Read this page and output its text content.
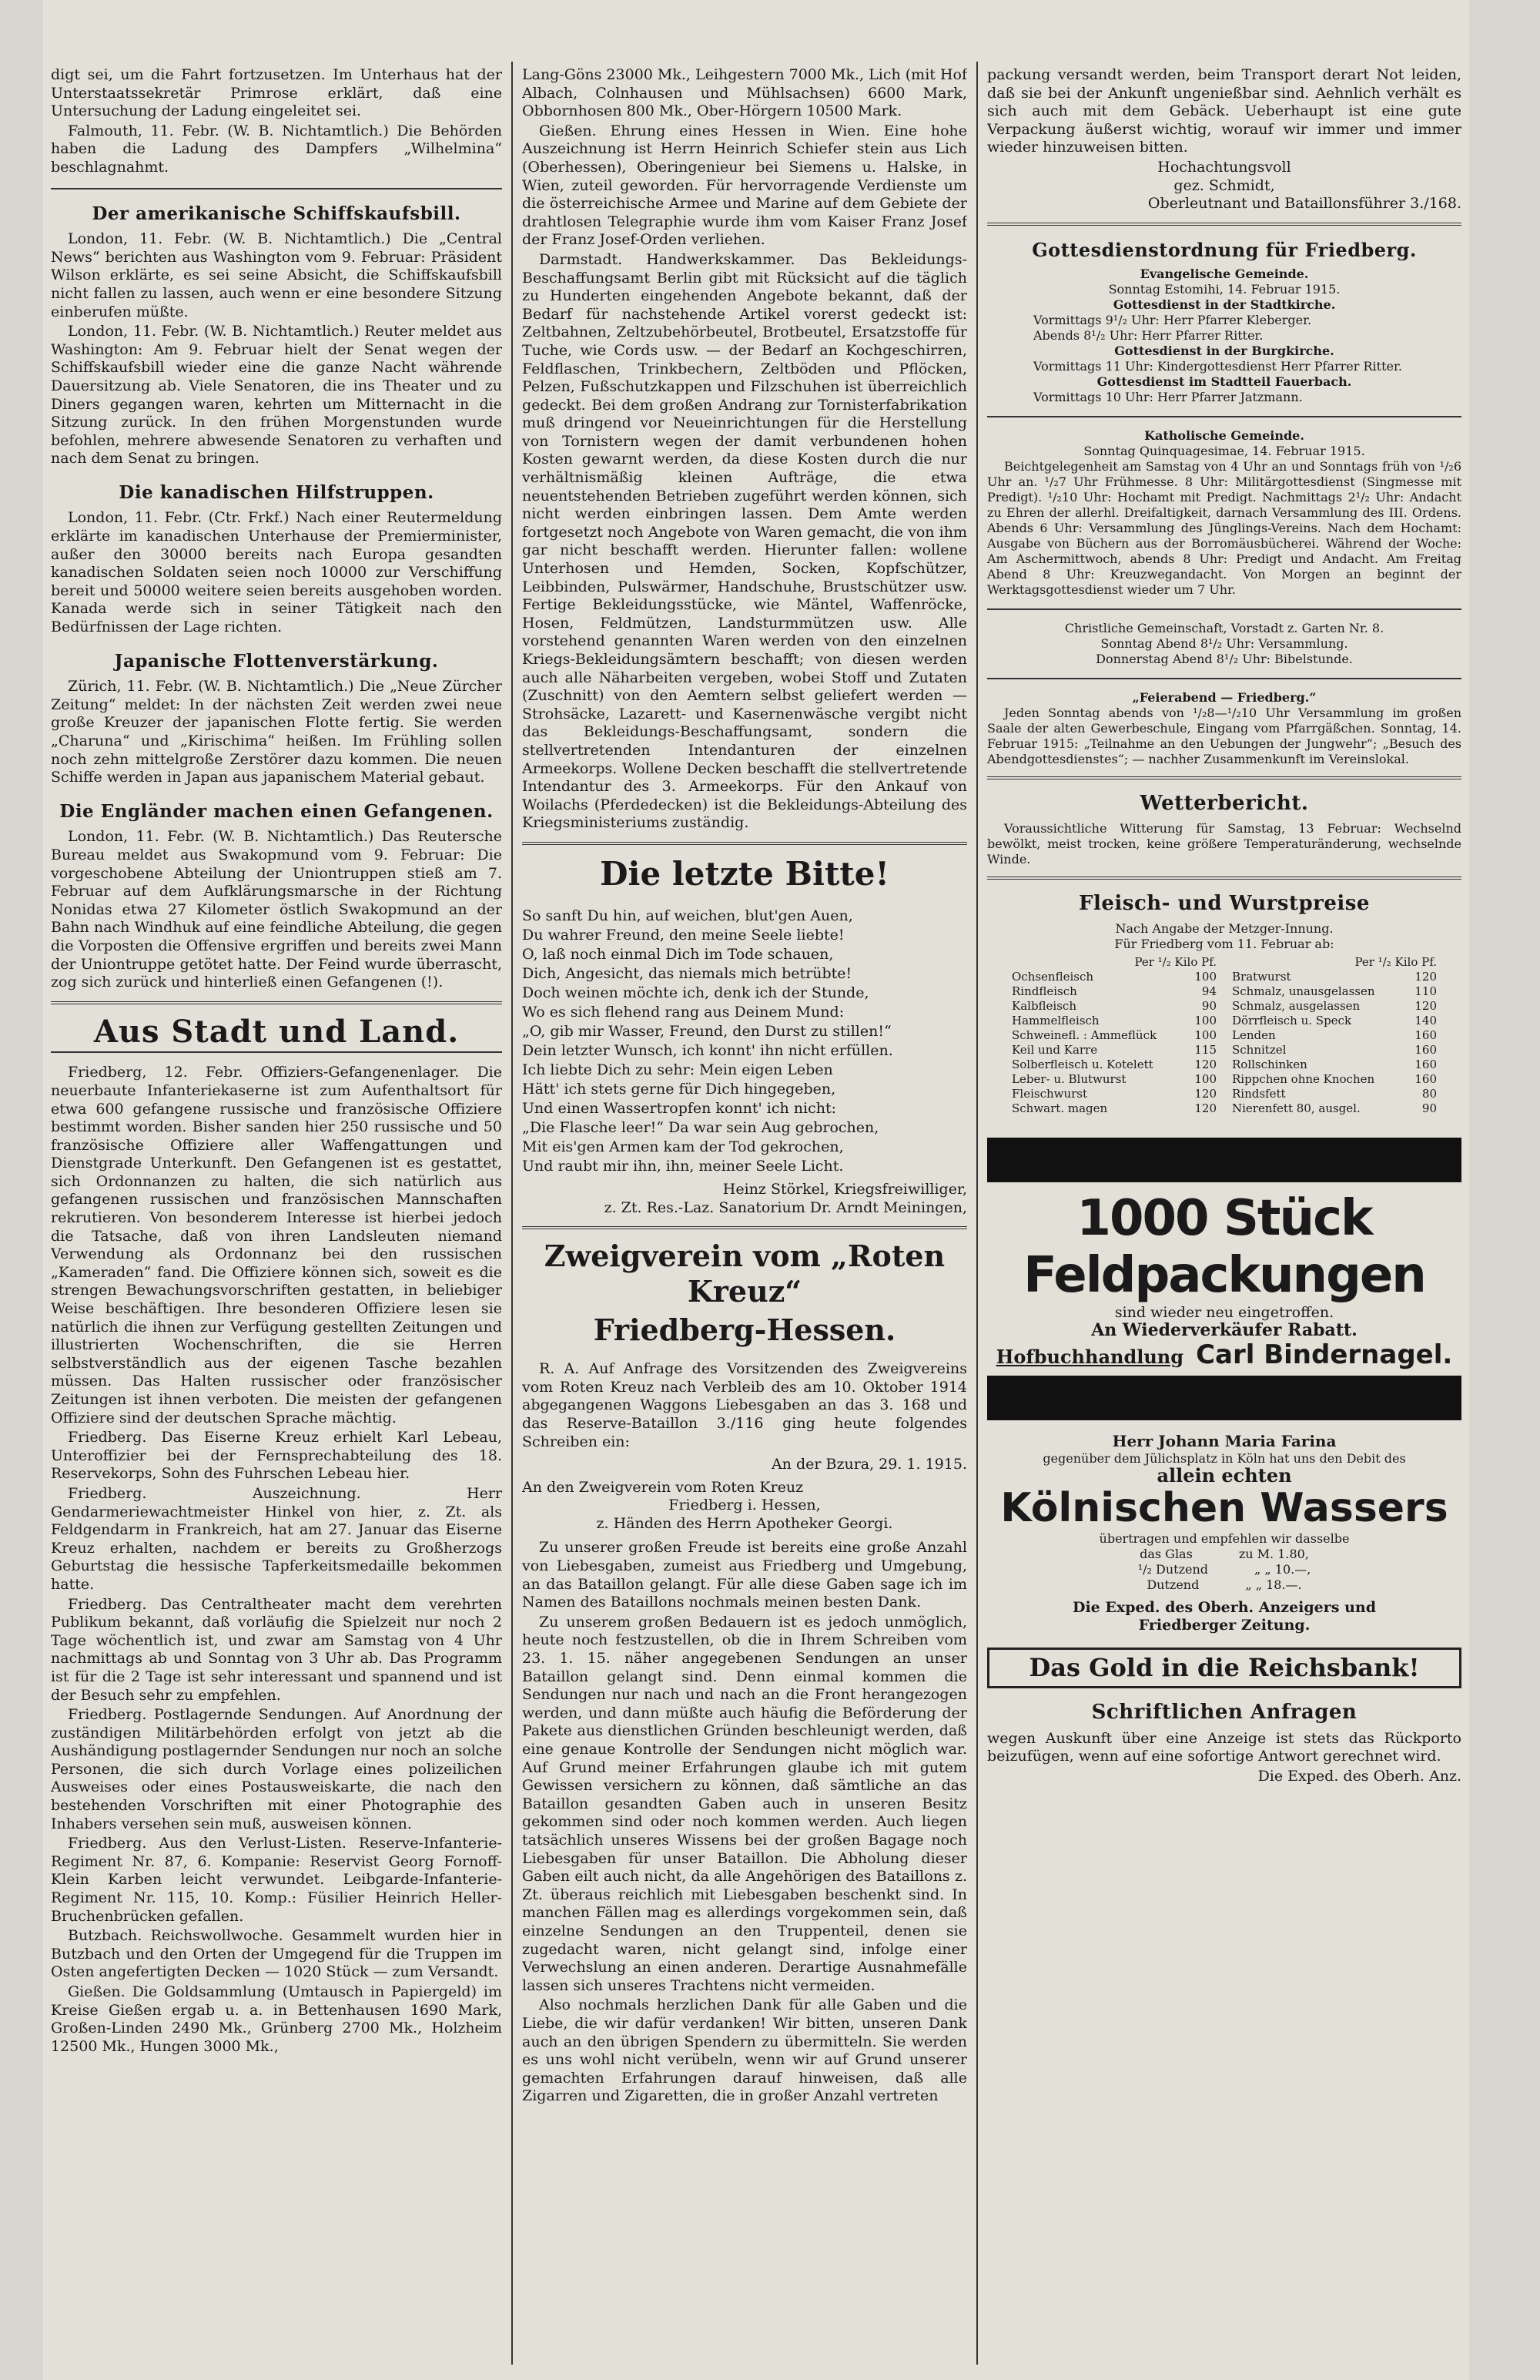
digt sei, um die Fahrt fortzusetzen. Im Unterhaus hat der Unterstaatssekretär Primrose erklärt, daß eine Untersuchung der Ladung eingeleitet sei.

Falmouth, 11. Febr. (W. B. Nichtamtlich.) Die Behörden haben die Ladung des Dampfers „Wilhelmina“ beschlagnahmt.

Der amerikanische Schiffskaufsbill.

London, 11. Febr. (W. B. Nichtamtlich.) Die „Central News“ berichten aus Washington vom 9. Februar: Präsident Wilson erklärte, es sei seine Absicht, die Schiffskaufsbill nicht fallen zu lassen, auch wenn er eine besondere Sitzung einberufen müßte.

London, 11. Febr. (W. B. Nichtamtlich.) Reuter meldet aus Washington: Am 9. Februar hielt der Senat wegen der Schiffskaufsbill wieder eine die ganze Nacht währende Dauersitzung ab. Viele Senatoren, die ins Theater und zu Diners gegangen waren, kehrten um Mitternacht in die Sitzung zurück. In den frühen Morgenstunden wurde befohlen, mehrere abwesende Senatoren zu verhaften und nach dem Senat zu bringen.

Die kanadischen Hilfstruppen.

London, 11. Febr. (Ctr. Frkf.) Nach einer Reutermeldung erklärte im kanadischen Unterhause der Premierminister, außer den 30000 bereits nach Europa gesandten kanadischen Soldaten seien noch 10000 zur Verschiffung bereit und 50000 weitere seien bereits ausgehoben worden. Kanada werde sich in seiner Tätigkeit nach den Bedürfnissen der Lage richten.

Japanische Flottenverstärkung.

Zürich, 11. Febr. (W. B. Nichtamtlich.) Die „Neue Zürcher Zeitung“ meldet: In der nächsten Zeit werden zwei neue große Kreuzer der japanischen Flotte fertig. Sie werden „Charuna“ und „Kirischima“ heißen. Im Frühling sollen noch zehn mittelgroße Zerstörer dazu kommen. Die neuen Schiffe werden in Japan aus japanischem Material gebaut.

Die Engländer machen einen Gefangenen.

London, 11. Febr. (W. B. Nichtamtlich.) Das Reutersche Bureau meldet aus Swakopmund vom 9. Februar: Die vorgeschobene Abteilung der Uniontruppen stieß am 7. Februar auf dem Aufklärungsmarsche in der Richtung Nonidas etwa 27 Kilometer östlich Swakopmund an der Bahn nach Windhuk auf eine feindliche Abteilung, die gegen die Vorposten die Offensive ergriffen und bereits zwei Mann der Uniontruppe getötet hatte. Der Feind wurde überrascht, zog sich zurück und hinterließ einen Gefangenen (!).

Aus Stadt und Land.

Friedberg, 12. Febr. Offiziers-Gefangenenlager. Die neuerbaute Infanteriekaserne ist zum Aufenthaltsort für etwa 600 gefangene russische und französische Offiziere bestimmt worden. Bisher sanden hier 250 russische und 50 französische Offiziere aller Waffengattungen und Dienstgrade Unterkunft. Den Gefangenen ist es gestattet, sich Ordonnanzen zu halten, die sich natürlich aus gefangenen russischen und französischen Mannschaften rekrutieren. Von besonderem Interesse ist hierbei jedoch die Tatsache, daß von ihren Landsleuten niemand Verwendung als Ordonnanz bei den russischen „Kameraden“ fand. Die Offiziere können sich, soweit es die strengen Bewachungsvorschriften gestatten, in beliebiger Weise beschäftigen. Ihre besonderen Offiziere lesen sie natürlich die ihnen zur Verfügung gestellten Zeitungen und illustrierten Wochenschriften, die sie Herren selbstverständlich aus der eigenen Tasche bezahlen müssen. Das Halten russischer oder französischer Zeitungen ist ihnen verboten. Die meisten der gefangenen Offiziere sind der deutschen Sprache mächtig.

Friedberg. Das Eiserne Kreuz erhielt Karl Lebeau, Unteroffizier bei der Fernsprechabteilung des 18. Reservekorps, Sohn des Fuhrschen Lebeau hier.

Friedberg. Auszeichnung. Herr Gendarmeriewachtmeister Hinkel von hier, z. Zt. als Feldgendarm in Frankreich, hat am 27. Januar das Eiserne Kreuz erhalten, nachdem er bereits zu Großherzogs Geburtstag die hessische Tapferkeitsmedaille bekommen hatte.

Friedberg. Das Centraltheater macht dem verehrten Publikum bekannt, daß vorläufig die Spielzeit nur noch 2 Tage wöchentlich ist, und zwar am Samstag von 4 Uhr nachmittags ab und Sonntag von 3 Uhr ab. Das Programm ist für die 2 Tage ist sehr interessant und spannend und ist der Besuch sehr zu empfehlen.

Friedberg. Postlagernde Sendungen. Auf Anordnung der zuständigen Militärbehörden erfolgt von jetzt ab die Aushändigung postlagernder Sendungen nur noch an solche Personen, die sich durch Vorlage eines polizeilichen Ausweises oder eines Postausweiskarte, die nach den bestehenden Vorschriften mit einer Photographie des Inhabers versehen sein muß, ausweisen können.

Friedberg. Aus den Verlust-Listen. Reserve-Infanterie-Regiment Nr. 87, 6. Kompanie: Reservist Georg Fornoff-Klein Karben leicht verwundet. Leibgarde-Infanterie-Regiment Nr. 115, 10. Komp.: Füsilier Heinrich Heller-Bruchenbrücken gefallen.

Butzbach. Reichswollwoche. Gesammelt wurden hier in Butzbach und den Orten der Umgegend für die Truppen im Osten angefertigten Decken — 1020 Stück — zum Versandt.

Gießen. Die Goldsammlung (Umtausch in Papiergeld) im Kreise Gießen ergab u. a. in Bettenhausen 1690 Mark, Großen-Linden 2490 Mk., Grünberg 2700 Mk., Holzheim 12500 Mk., Hungen 3000 Mk.,

Lang-Göns 23000 Mk., Leihgestern 7000 Mk., Lich (mit Hof Albach, Colnhausen und Mühlsachsen) 6600 Mark, Obbornhosen 800 Mk., Ober-Hörgern 10500 Mark.

Gießen. Ehrung eines Hessen in Wien. Eine hohe Auszeichnung ist Herrn Heinrich Schiefer stein aus Lich (Oberhessen), Oberingenieur bei Siemens u. Halske, in Wien, zuteil geworden. Für hervorragende Verdienste um die österreichische Armee und Marine auf dem Gebiete der drahtlosen Telegraphie wurde ihm vom Kaiser Franz Josef der Franz Josef-Orden verliehen.

Darmstadt. Handwerkskammer. Das Bekleidungs-Beschaffungsamt Berlin gibt mit Rücksicht auf die täglich zu Hunderten eingehenden Angebote bekannt, daß der Bedarf für nachstehende Artikel vorerst gedeckt ist: Zeltbahnen, Zeltzubehörbeutel, Brotbeutel, Ersatzstoffe für Tuche, wie Cords usw. — der Bedarf an Kochgeschirren, Feldflaschen, Trinkbechern, Zeltböden und Pflöcken, Pelzen, Fußschutzkappen und Filzschuhen ist überreichlich gedeckt. Bei dem großen Andrang zur Tornisterfabrikation muß dringend vor Neueinrichtungen für die Herstellung von Tornistern wegen der damit verbundenen hohen Kosten gewarnt werden, da diese Kosten durch die nur verhältnismäßig kleinen Aufträge, die etwa neuentstehenden Betrieben zugeführt werden können, sich nicht werden einbringen lassen. Dem Amte werden fortgesetzt noch Angebote von Waren gemacht, die von ihm gar nicht beschafft werden. Hierunter fallen: wollene Unterhosen und Hemden, Socken, Kopfschützer, Leibbinden, Pulswärmer, Handschuhe, Brustschützer usw. Fertige Bekleidungsstücke, wie Mäntel, Waffenröcke, Hosen, Feldmützen, Landsturmmützen usw. Alle vorstehend genannten Waren werden von den einzelnen Kriegs-Bekleidungsämtern beschafft; von diesen werden auch alle Näharbeiten vergeben, wobei Stoff und Zutaten (Zuschnitt) von den Aemtern selbst geliefert werden — Strohsäcke, Lazarett- und Kasernenwäsche vergibt nicht das Bekleidungs-Beschaffungsamt, sondern die stellvertretenden Intendanturen der einzelnen Armeekorps. Wollene Decken beschafft die stellvertretende Intendantur des 3. Armeekorps. Für den Ankauf von Woilachs (Pferdedecken) ist die Bekleidungs-Abteilung des Kriegsministeriums zuständig.

Die letzte Bitte!
So sanft Du hin, auf weichen, blut'gen Auen,
Du wahrer Freund, den meine Seele liebte!
O, laß noch einmal Dich im Tode schauen,
Dich, Angesicht, das niemals mich betrübte!
Doch weinen möchte ich, denk ich der Stunde,
Wo es sich flehend rang aus Deinem Mund:
„O, gib mir Wasser, Freund, den Durst zu stillen!“
Dein letzter Wunsch, ich konnt' ihn nicht erfüllen.
Ich liebte Dich zu sehr: Mein eigen Leben
Hätt' ich stets gerne für Dich hingegeben,
Und einen Wassertropfen konnt' ich nicht:
„Die Flasche leer!“ Da war sein Aug gebrochen,
Mit eis'gen Armen kam der Tod gekrochen,
Und raubt mir ihn, ihn, meiner Seele Licht.
Heinz Störkel, Kriegsfreiwilliger,
z. Zt. Res.-Laz. Sanatorium Dr. Arndt Meiningen,
Zweigverein vom „Roten Kreuz“
Friedberg-Hessen.

R. A. Auf Anfrage des Vorsitzenden des Zweigvereins vom Roten Kreuz nach Verbleib des am 10. Oktober 1914 abgegangenen Waggons Liebesgaben an das 3. 168 und das Reserve-Bataillon 3./116 ging heute folgendes Schreiben ein:

An der Bzura, 29. 1. 1915.
An den Zweigverein vom Roten Kreuz
Friedberg i. Hessen,
z. Händen des Herrn Apotheker Georgi.

Zu unserer großen Freude ist bereits eine große Anzahl von Liebesgaben, zumeist aus Friedberg und Umgebung, an das Bataillon gelangt. Für alle diese Gaben sage ich im Namen des Bataillons nochmals meinen besten Dank.

Zu unserem großen Bedauern ist es jedoch unmöglich, heute noch festzustellen, ob die in Ihrem Schreiben vom 23. 1. 15. näher angegebenen Sendungen an unser Bataillon gelangt sind. Denn einmal kommen die Sendungen nur nach und nach an die Front herangezogen werden, und dann müßte auch häufig die Beförderung der Pakete aus dienstlichen Gründen beschleunigt werden, daß eine genaue Kontrolle der Sendungen nicht möglich war. Auf Grund meiner Erfahrungen glaube ich mit gutem Gewissen versichern zu können, daß sämtliche an das Bataillon gesandten Gaben auch in unseren Besitz gekommen sind oder noch kommen werden. Auch liegen tatsächlich unseres Wissens bei der großen Bagage noch Liebesgaben für unser Bataillon. Die Abholung dieser Gaben eilt auch nicht, da alle Angehörigen des Bataillons z. Zt. überaus reichlich mit Liebesgaben beschenkt sind. In manchen Fällen mag es allerdings vorgekommen sein, daß einzelne Sendungen an den Truppenteil, denen sie zugedacht waren, nicht gelangt sind, infolge einer Verwechslung an einen anderen. Derartige Ausnahmefälle lassen sich unseres Trachtens nicht vermeiden.

Also nochmals herzlichen Dank für alle Gaben und die Liebe, die wir dafür verdanken! Wir bitten, unseren Dank auch an den übrigen Spendern zu übermitteln. Sie werden es uns wohl nicht verübeln, wenn wir auf Grund unserer gemachten Erfahrungen darauf hinweisen, daß alle Zigarren und Zigaretten, die in großer Anzahl vertreten

packung versandt werden, beim Transport derart Not leiden, daß sie bei der Ankunft ungenießbar sind. Aehnlich verhält es sich auch mit dem Gebäck. Ueberhaupt ist eine gute Verpackung äußerst wichtig, worauf wir immer und immer wieder hinzuweisen bitten.

Hochachtungsvoll
gez. Schmidt,
Oberleutnant und Bataillonsführer 3./168.
Gottesdienstordnung für Friedberg.
Evangelische Gemeinde.
Sonntag Estomihi, 14. Februar 1915.
Gottesdienst in der Stadtkirche.
Vormittags 9¹/₂ Uhr: Herr Pfarrer Kleberger.
Abends 8¹/₂ Uhr: Herr Pfarrer Ritter.
Gottesdienst in der Burgkirche.
Vormittags 11 Uhr: Kindergottesdienst Herr Pfarrer Ritter.
Gottesdienst im Stadtteil Fauerbach.
Vormittags 10 Uhr: Herr Pfarrer Jatzmann.
Katholische Gemeinde.
Sonntag Quinquagesimae, 14. Februar 1915.

Beichtgelegenheit am Samstag von 4 Uhr an und Sonntags früh von ¹/₂6 Uhr an. ¹/₂7 Uhr Frühmesse. 8 Uhr: Militärgottesdienst (Singmesse mit Predigt). ¹/₂10 Uhr: Hochamt mit Predigt. Nachmittags 2¹/₂ Uhr: Andacht zu Ehren der allerhl. Dreifaltigkeit, darnach Versammlung des III. Ordens. Abends 6 Uhr: Versammlung des Jünglings-Vereins. Nach dem Hochamt: Ausgabe von Büchern aus der Borromäusbücherei. Während der Woche: Am Aschermittwoch, abends 8 Uhr: Predigt und Andacht. Am Freitag Abend 8 Uhr: Kreuzwegandacht. Von Morgen an beginnt der Werktagsgottesdienst wieder um 7 Uhr.

Christliche Gemeinschaft, Vorstadt z. Garten Nr. 8.
Sonntag Abend 8¹/₂ Uhr: Versammlung.
Donnerstag Abend 8¹/₂ Uhr: Bibelstunde.
„Feierabend — Friedberg.“

Jeden Sonntag abends von ¹/₂8—¹/₂10 Uhr Versammlung im großen Saale der alten Gewerbeschule, Eingang vom Pfarrgäßchen. Sonntag, 14. Februar 1915: „Teilnahme an den Uebungen der Jungwehr“; „Besuch des Abendgottesdienstes“; — nachher Zusammenkunft im Vereinslokal.

Wetterbericht.

Voraussichtliche Witterung für Samstag, 13 Februar: Wechselnd bewölkt, meist trocken, keine größere Temperaturänderung, wechselnde Winde.

Fleisch- und Wurstpreise
Nach Angabe der Metzger-Innung.
Für Friedberg vom 11. Februar ab:
Per ¹/₂ Kilo Pf.	
Ochsenfleisch	100
Rindfleisch	94
Kalbfleisch	90
Hammelfleisch	100
Schweinefl. : Ammeflück	100
Keil und Karre	115
Solberfleisch u. Kotelett	120
Leber- u. Blutwurst	100
Fleischwurst	120
Schwart. magen	120
Per ¹/₂ Kilo Pf.	
Bratwurst	120
Schmalz, unausgelassen	110
Schmalz, ausgelassen	120
Dörrfleisch u. Speck	140
Lenden	160
Schnitzel	160
Rollschinken	160
Rippchen ohne Knochen	160
Rindsfett	80
Nierenfett 80, ausgel.	90
1000 Stück Feldpackungen
sind wieder neu eingetroffen.
An Wiederverkäufer Rabatt.
Hofbuchhandlung Carl Bindernagel.
Herr Johann Maria Farina
gegenüber dem Jülichsplatz in Köln hat uns den Debit des
allein echten
Kölnischen Wassers
übertragen und empfehlen wir dasselbe
das Glas	zu M. 1.80,
¹/₂ Dutzend	„ „ 10.—,
Dutzend	„ „ 18.—.
Die Exped. des Oberh. Anzeigers und
Friedberger Zeitung.
Das Gold in die Reichsbank!
Schriftlichen Anfragen

wegen Auskunft über eine Anzeige ist stets das Rückporto beizufügen, wenn auf eine sofortige Antwort gerechnet wird.

Die Exped. des Oberh. Anz.
